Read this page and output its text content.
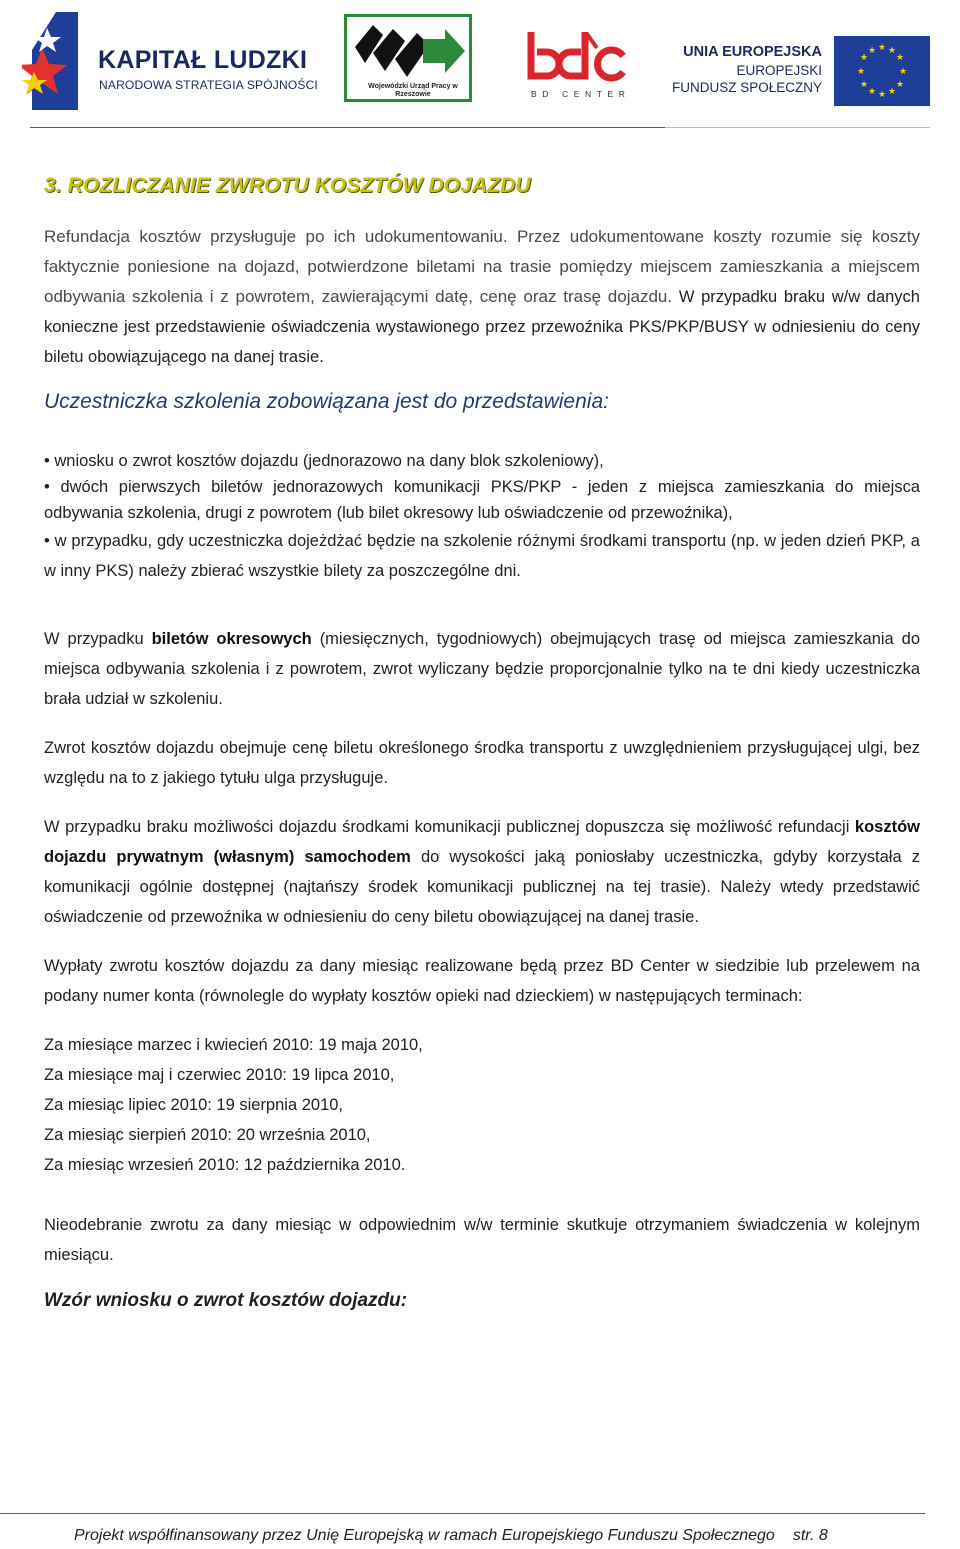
KAPITAŁ LUDZKI
NARODOWA STRATEGIA SPÓJNOŚCI	Wojewódzki Urząd Pracy w Rzeszowie	BD CENTER
UNIA EUROPEJSKA
EUROPEJSKI
FUNDUSZ SPOŁECZNY
★ ★
★
★
★
★
★
★
★
★
★
★
3. ROZLICZANIE ZWROTU KOSZTÓW DOJAZDU

Refundacja kosztów przysługuje po ich udokumentowaniu. Przez udokumentowane koszty rozumie się koszty faktycznie poniesione na dojazd, potwierdzone biletami na trasie pomiędzy miejscem zamieszkania a miejscem odbywania szkolenia i z powrotem, zawierającymi datę, cenę oraz trasę dojazdu. W przypadku braku w/w danych konieczne jest przedstawienie oświadczenia wystawionego przez przewoźnika PKS/PKP/BUSY w odniesieniu do ceny biletu obowiązującego na danej trasie.

Uczestniczka szkolenia zobowiązana jest do przedstawienia:
• wniosku o zwrot kosztów dojazdu (jednorazowo na dany blok szkoleniowy),
• dwóch pierwszych biletów jednorazowych komunikacji PKS/PKP - jeden z miejsca zamieszkania do miejsca odbywania szkolenia, drugi z powrotem (lub bilet okresowy lub oświadczenie od przewoźnika),
• w przypadku, gdy uczestniczka dojeżdżać będzie na szkolenie różnymi środkami transportu (np. w jeden dzień PKP, a w inny PKS) należy zbierać wszystkie bilety za poszczególne dni.

W przypadku biletów okresowych (miesięcznych, tygodniowych) obejmujących trasę od miejsca zamieszkania do miejsca odbywania szkolenia i z powrotem, zwrot wyliczany będzie proporcjonalnie tylko na te dni kiedy uczestniczka brała udział w szkoleniu.

Zwrot kosztów dojazdu obejmuje cenę biletu określonego środka transportu z uwzględnieniem przysługującej ulgi, bez względu na to z jakiego tytułu ulga przysługuje.

W przypadku braku możliwości dojazdu środkami komunikacji publicznej dopuszcza się możliwość refundacji kosztów dojazdu prywatnym (własnym) samochodem do wysokości jaką poniosłaby uczestniczka, gdyby korzystała z komunikacji ogólnie dostępnej (najtańszy środek komunikacji publicznej na tej trasie). Należy wtedy przedstawić oświadczenie od przewoźnika w odniesieniu do ceny biletu obowiązującej na danej trasie.

Wypłaty zwrotu kosztów dojazdu za dany miesiąc realizowane będą przez BD Center w siedzibie lub przelewem na podany numer konta (równolegle do wypłaty kosztów opieki nad dzieckiem) w następujących terminach:

Za miesiące marzec i kwiecień 2010: 19 maja 2010,
Za miesiące maj i czerwiec 2010: 19 lipca 2010,
Za miesiąc lipiec 2010: 19 sierpnia 2010,
Za miesiąc sierpień 2010: 20 września 2010,
Za miesiąc wrzesień 2010: 12 października 2010.

Nieodebranie zwrotu za dany miesiąc w odpowiednim w/w terminie skutkuje otrzymaniem świadczenia w kolejnym miesiącu.

Wzór wniosku o zwrot kosztów dojazdu:
Projekt współfinansowany przez Unię Europejską w ramach Europejskiego Funduszu Społecznego str. 8
